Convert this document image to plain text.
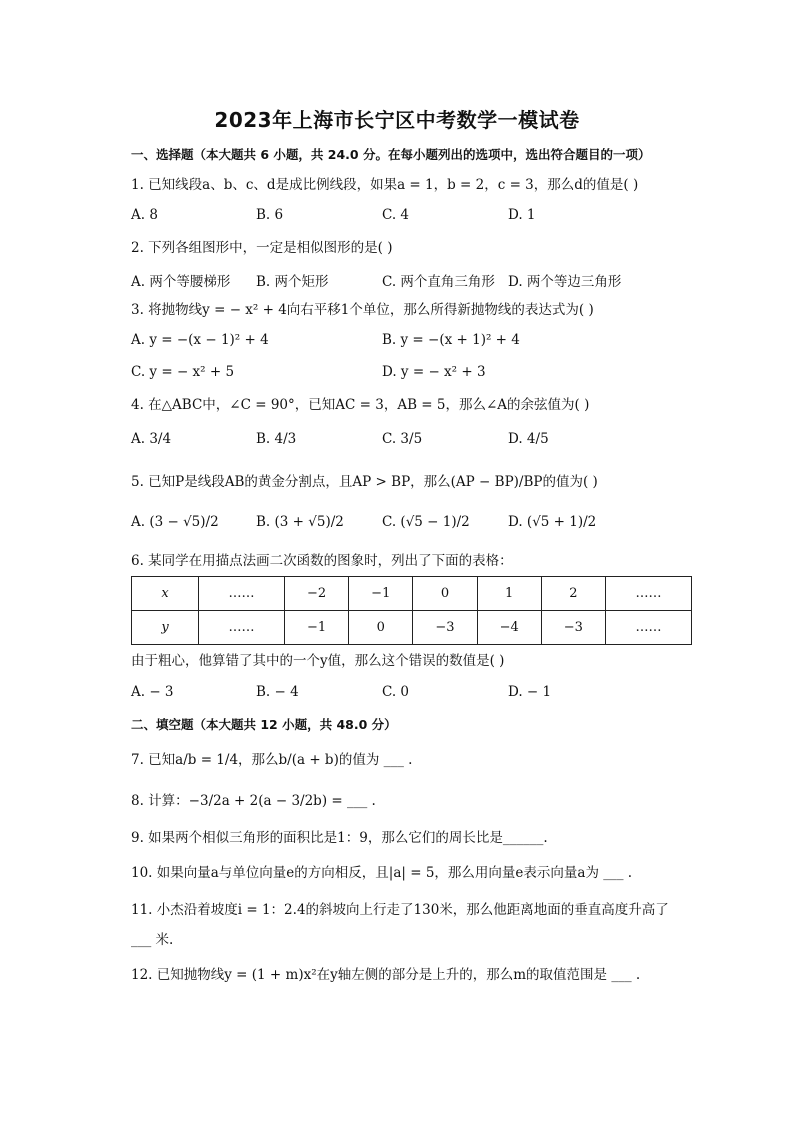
2023年上海市长宁区中考数学一模试卷
一、选择题（本大题共 6 小题，共 24.0 分。在每小题列出的选项中，选出符合题目的一项）
1. 已知线段a、b、c、d是成比例线段，如果a = 1，b = 2，c = 3，那么d的值是( )
A. 8	B. 6	C. 4	D. 1
2. 下列各组图形中，一定是相似图形的是( )
A. 两个等腰梯形 B. 两个矩形	C. 两个直角三角形 D. 两个等边三角形
3. 将抛物线y = − x² + 4向右平移1个单位，那么所得新抛物线的表达式为( )
A. y = −(x − 1)² + 4	B. y = −(x + 1)² + 4
C. y = − x² + 5	D. y = − x² + 3
4. 在△ABC中，∠C = 90°，已知AC = 3，AB = 5，那么∠A的余弦值为( )
A. 3/4	B. 4/3	C. 3/5	D. 4/5
5. 已知P是线段AB的黄金分割点，且AP > BP，那么(AP − BP)/BP的值为( )
A. (3 − √5)/2	B. (3 + √5)/2	C. (√5 − 1)/2	D. (√5 + 1)/2
6. 某同学在用描点法画二次函数的图象时，列出了下面的表格：
x	……	−2	−1	0	1	2	……
y	……	−1	0	−3	−4	−3	……
由于粗心，他算错了其中的一个y值，那么这个错误的数值是( )
A. − 3	B. − 4	C. 0	D. − 1
二、填空题（本大题共 12 小题，共 48.0 分）
7. 已知a/b = 1/4，那么b/(a + b)的值为 ___ .
8. 计算：−3/2a + 2(a − 3/2b) = ___ .
9. 如果两个相似三角形的面积比是1：9，那么它们的周长比是______.
10. 如果向量a与单位向量e的方向相反，且|a| = 5，那么用向量e表示向量a为 ___ .
11. 小杰沿着坡度i = 1：2.4的斜坡向上行走了130米，那么他距离地面的垂直高度升高了
___ 米.
12. 已知抛物线y = (1 + m)x²在y轴左侧的部分是上升的，那么m的取值范围是 ___ .
